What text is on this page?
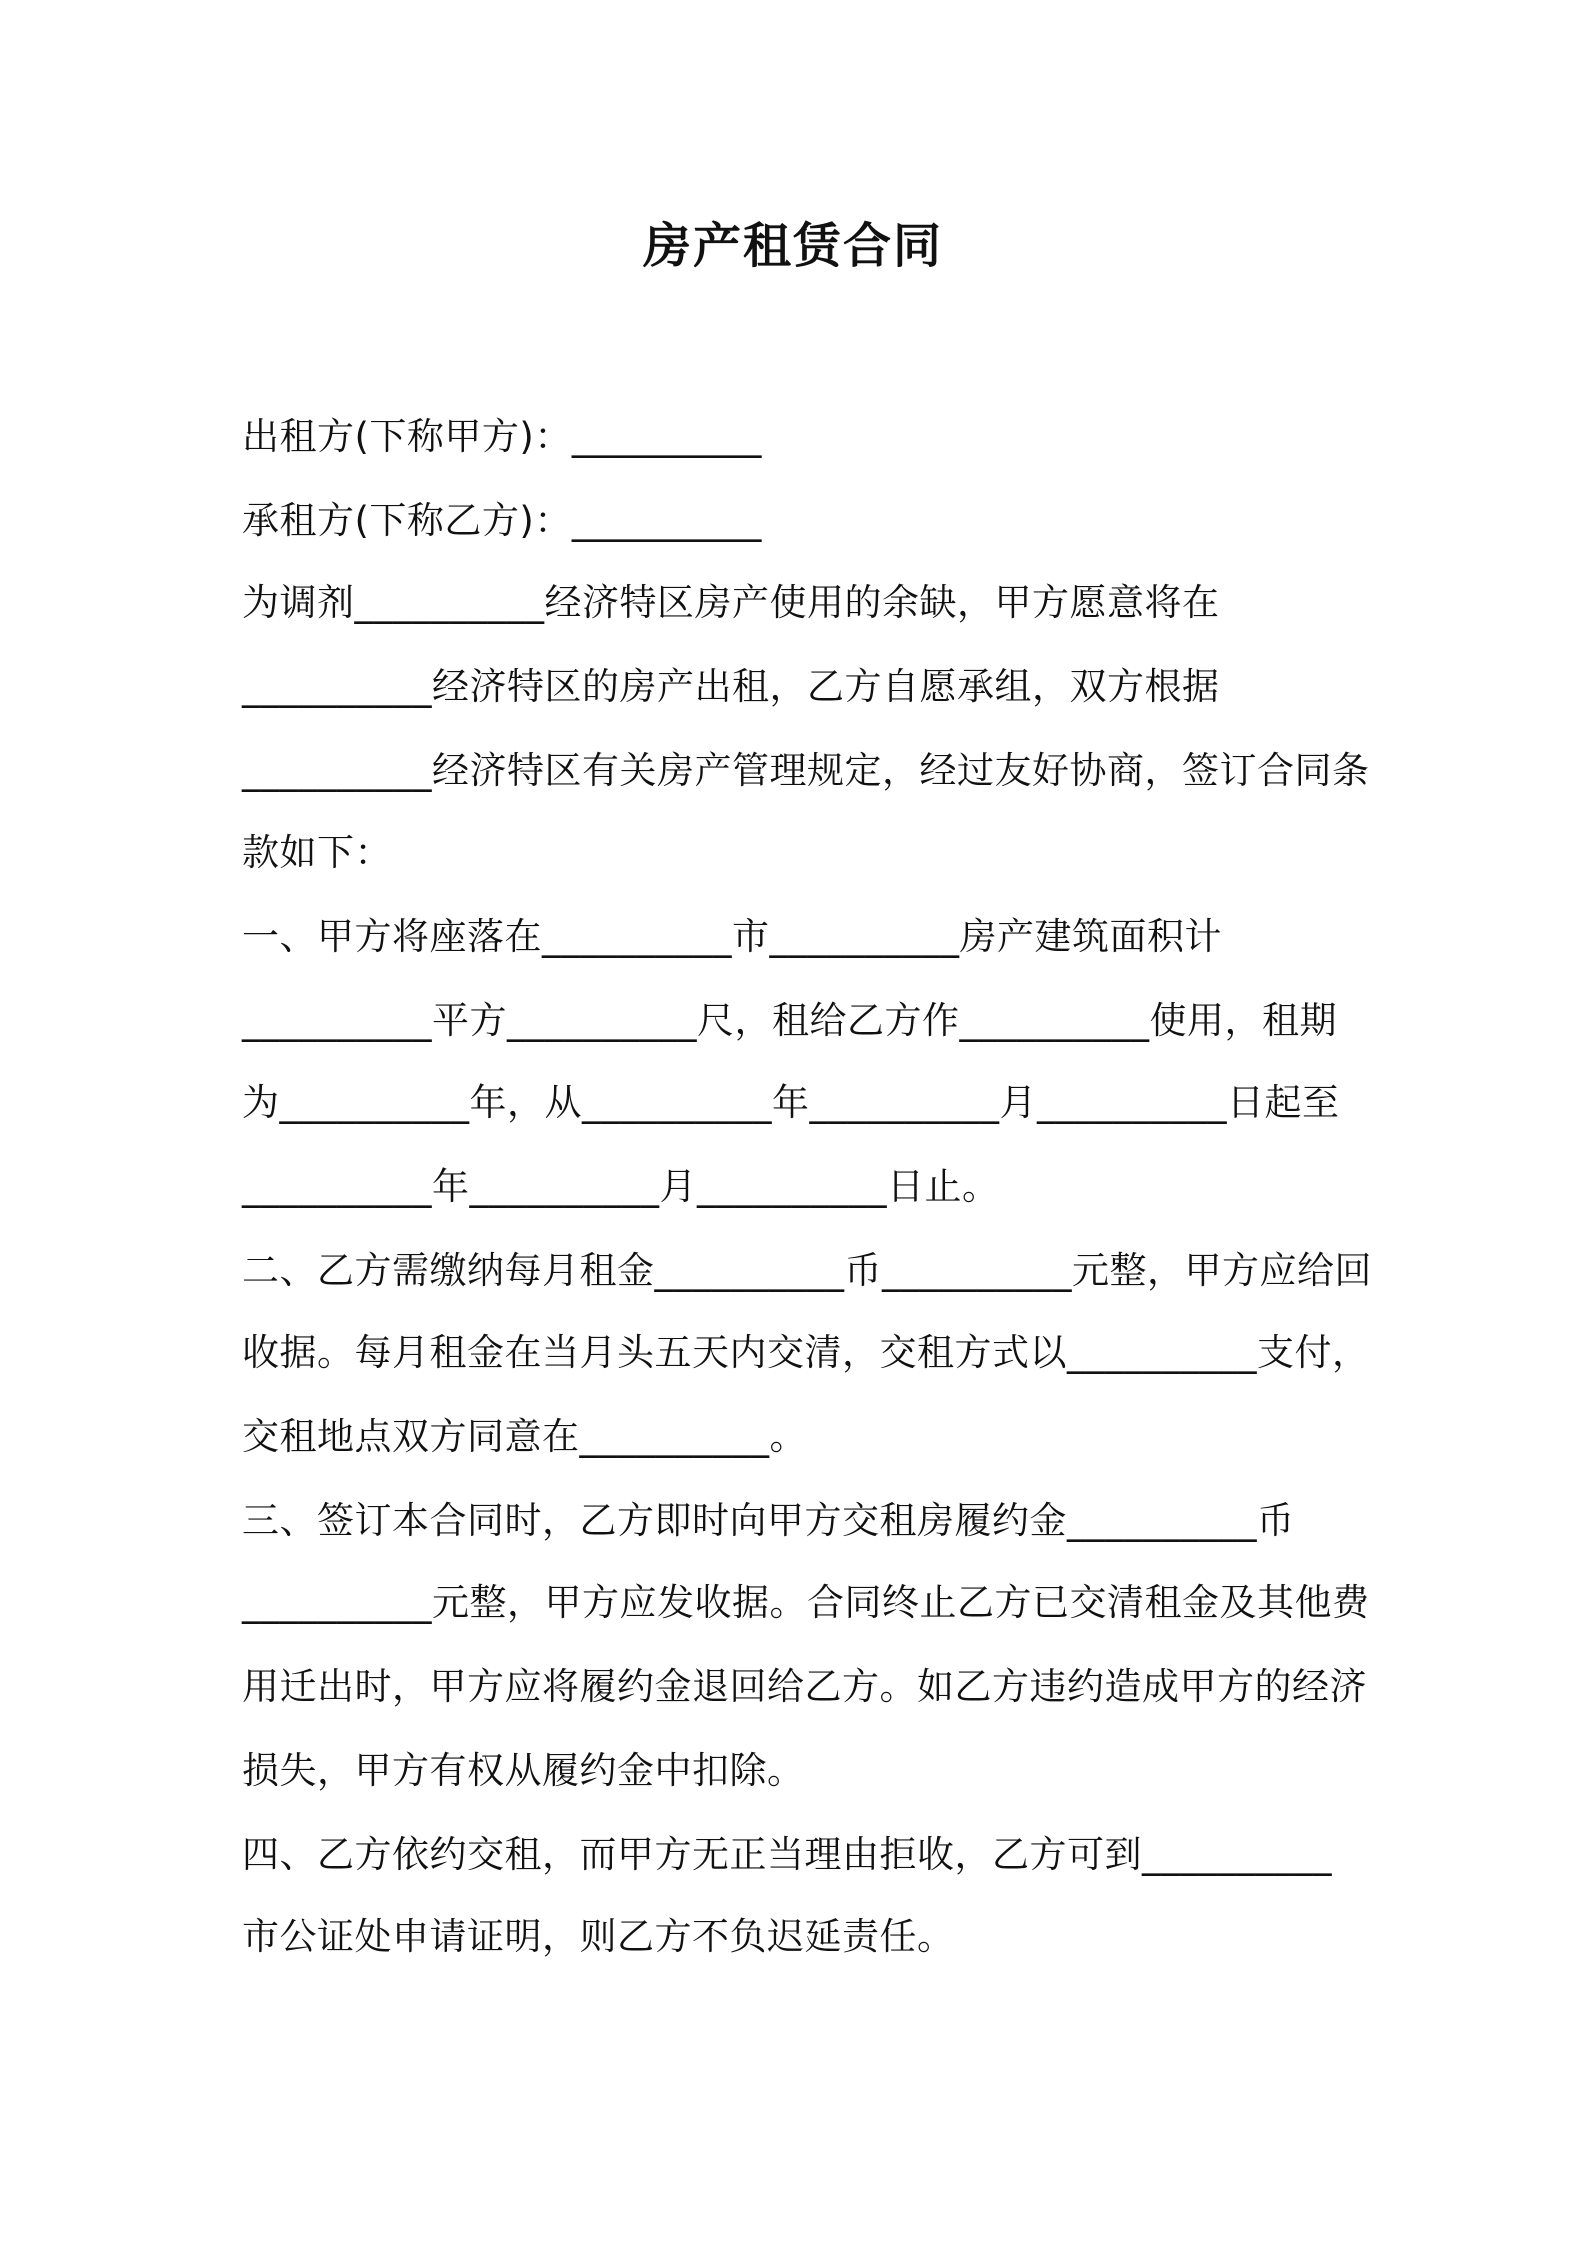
房产租赁合同

出租方(下称甲方)：__________

承租方(下称乙方)：__________

为调剂__________经济特区房产使用的余缺，甲方愿意将在

__________经济特区的房产出租，乙方自愿承组，双方根据

__________经济特区有关房产管理规定，经过友好协商，签订合同条

款如下：

一、甲方将座落在__________市__________房产建筑面积计

__________平方__________尺，租给乙方作__________使用，租期

为__________年，从__________年__________月__________日起至

__________年__________月__________日止。

二、乙方需缴纳每月租金__________币__________元整，甲方应给回

收据。每月租金在当月头五天内交清，交租方式以__________支付，

交租地点双方同意在__________。

三、签订本合同时，乙方即时向甲方交租房履约金__________币

__________元整，甲方应发收据。合同终止乙方已交清租金及其他费

用迁出时，甲方应将履约金退回给乙方。如乙方违约造成甲方的经济

损失，甲方有权从履约金中扣除。

四、乙方依约交租，而甲方无正当理由拒收，乙方可到__________

市公证处申请证明，则乙方不负迟延责任。
